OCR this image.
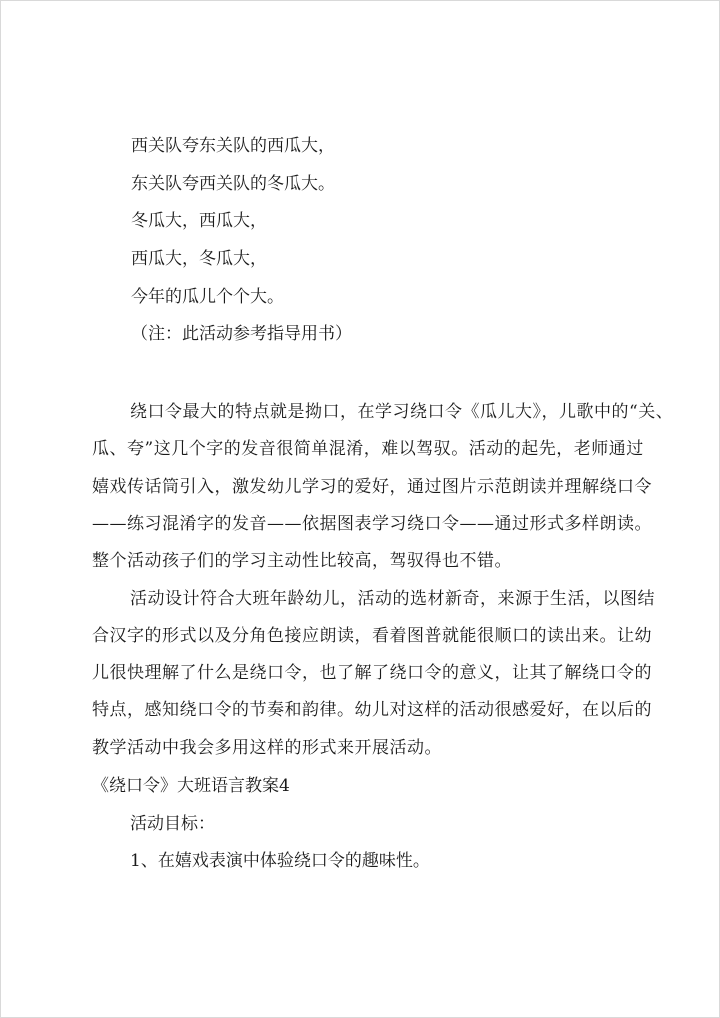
西关队夸东关队的西瓜大，
东关队夸西关队的冬瓜大。
冬瓜大，西瓜大，
西瓜大，冬瓜大，
今年的瓜儿个个大。
（注：此活动参考指导用书）
绕口令最大的特点就是拗口，在学习绕口令《瓜儿大》，儿歌中的“关、
瓜、夸”这几个字的发音很简单混淆，难以驾驭。活动的起先，老师通过
嬉戏传话筒引入，激发幼儿学习的爱好，通过图片示范朗读并理解绕口令
——练习混淆字的发音——依据图表学习绕口令——通过形式多样朗读。
整个活动孩子们的学习主动性比较高，驾驭得也不错。
活动设计符合大班年龄幼儿，活动的选材新奇，来源于生活，以图结
合汉字的形式以及分角色接应朗读，看着图普就能很顺口的读出来。让幼
儿很快理解了什么是绕口令，也了解了绕口令的意义，让其了解绕口令的
特点，感知绕口令的节奏和韵律。幼儿对这样的活动很感爱好，在以后的
教学活动中我会多用这样的形式来开展活动。
《绕口令》大班语言教案4
活动目标：
1、在嬉戏表演中体验绕口令的趣味性。
